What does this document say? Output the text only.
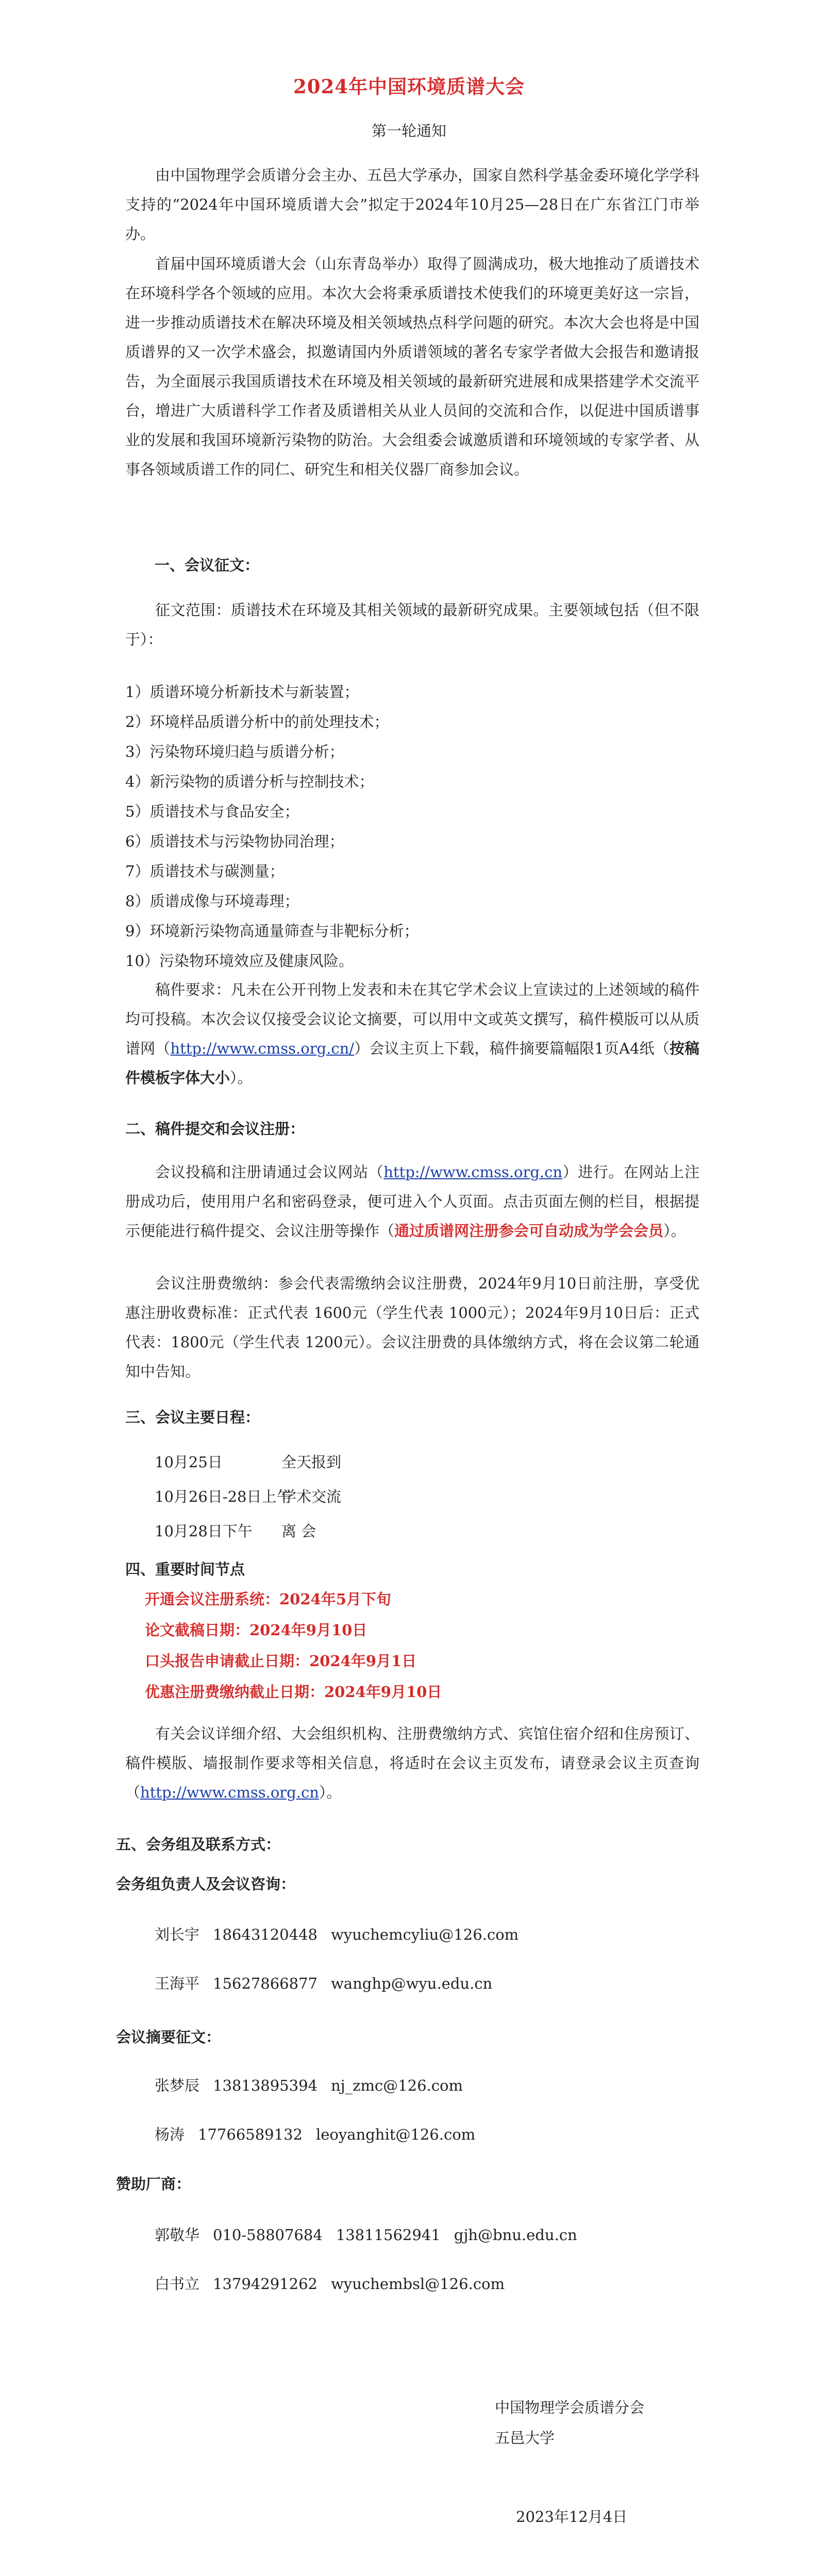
2024年中国环境质谱大会
第一轮通知
由中国物理学会质谱分会主办、五邑大学承办，国家自然科学基金委环境化学学科支持的“2024年中国环境质谱大会”拟定于2024年10月25—28日在广东省江门市举办。
首届中国环境质谱大会（山东青岛举办）取得了圆满成功，极大地推动了质谱技术在环境科学各个领域的应用。本次大会将秉承质谱技术使我们的环境更美好这一宗旨，进一步推动质谱技术在解决环境及相关领域热点科学问题的研究。本次大会也将是中国质谱界的又一次学术盛会，拟邀请国内外质谱领域的著名专家学者做大会报告和邀请报告，为全面展示我国质谱技术在环境及相关领域的最新研究进展和成果搭建学术交流平台，增进广大质谱科学工作者及质谱相关从业人员间的交流和合作，以促进中国质谱事业的发展和我国环境新污染物的防治。大会组委会诚邀质谱和环境领域的专家学者、从事各领域质谱工作的同仁、研究生和相关仪器厂商参加会议。
一、会议征文：
征文范围：质谱技术在环境及其相关领域的最新研究成果。主要领域包括（但不限于）：
1）质谱环境分析新技术与新装置；
2）环境样品质谱分析中的前处理技术；
3）污染物环境归趋与质谱分析；
4）新污染物的质谱分析与控制技术；
5）质谱技术与食品安全；
6）质谱技术与污染物协同治理；
7）质谱技术与碳测量；
8）质谱成像与环境毒理；
9）环境新污染物高通量筛查与非靶标分析；
10）污染物环境效应及健康风险。
稿件要求：凡未在公开刊物上发表和未在其它学术会议上宣读过的上述领域的稿件均可投稿。本次会议仅接受会议论文摘要，可以用中文或英文撰写，稿件模版可以从质谱网（http://www.cmss.org.cn/）会议主页上下载，稿件摘要篇幅限1页A4纸（按稿件模板字体大小）。
二、稿件提交和会议注册：
会议投稿和注册请通过会议网站（http://www.cmss.org.cn）进行。在网站上注册成功后，使用用户名和密码登录，便可进入个人页面。点击页面左侧的栏目，根据提示便能进行稿件提交、会议注册等操作（通过质谱网注册参会可自动成为学会会员）。
会议注册费缴纳：参会代表需缴纳会议注册费，2024年9月10日前注册，享受优惠注册收费标准：正式代表 1600元（学生代表 1000元）；2024年9月10日后：正式代表：1800元（学生代表 1200元）。会议注册费的具体缴纳方式，将在会议第二轮通知中告知。
三、会议主要日程：
10月25日	全天报到
10月26日-28日上午学术交流
10月28日下午 离 会
四、重要时间节点
开通会议注册系统：2024年5月下旬
论文截稿日期：2024年9月10日
口头报告申请截止日期：2024年9月1日
优惠注册费缴纳截止日期：2024年9月10日
有关会议详细介绍、大会组织机构、注册费缴纳方式、宾馆住宿介绍和住房预订、稿件模版、墙报制作要求等相关信息，将适时在会议主页发布，请登录会议主页查询（http://www.cmss.org.cn）。
五、会务组及联系方式：
会务组负责人及会议咨询：
刘长宇 18643120448 wyuchemcyliu@126.com
王海平 15627866877 wanghp@wyu.edu.cn
会议摘要征文：
张梦辰 13813895394 nj_zmc@126.com
杨涛 17766589132 leoyanghit@126.com
赞助厂商：
郭敬华 010-58807684 13811562941 gjh@bnu.edu.cn
白书立 13794291262 wyuchembsl@126.com
中国物理学会质谱分会
五邑大学
2023年12月4日
